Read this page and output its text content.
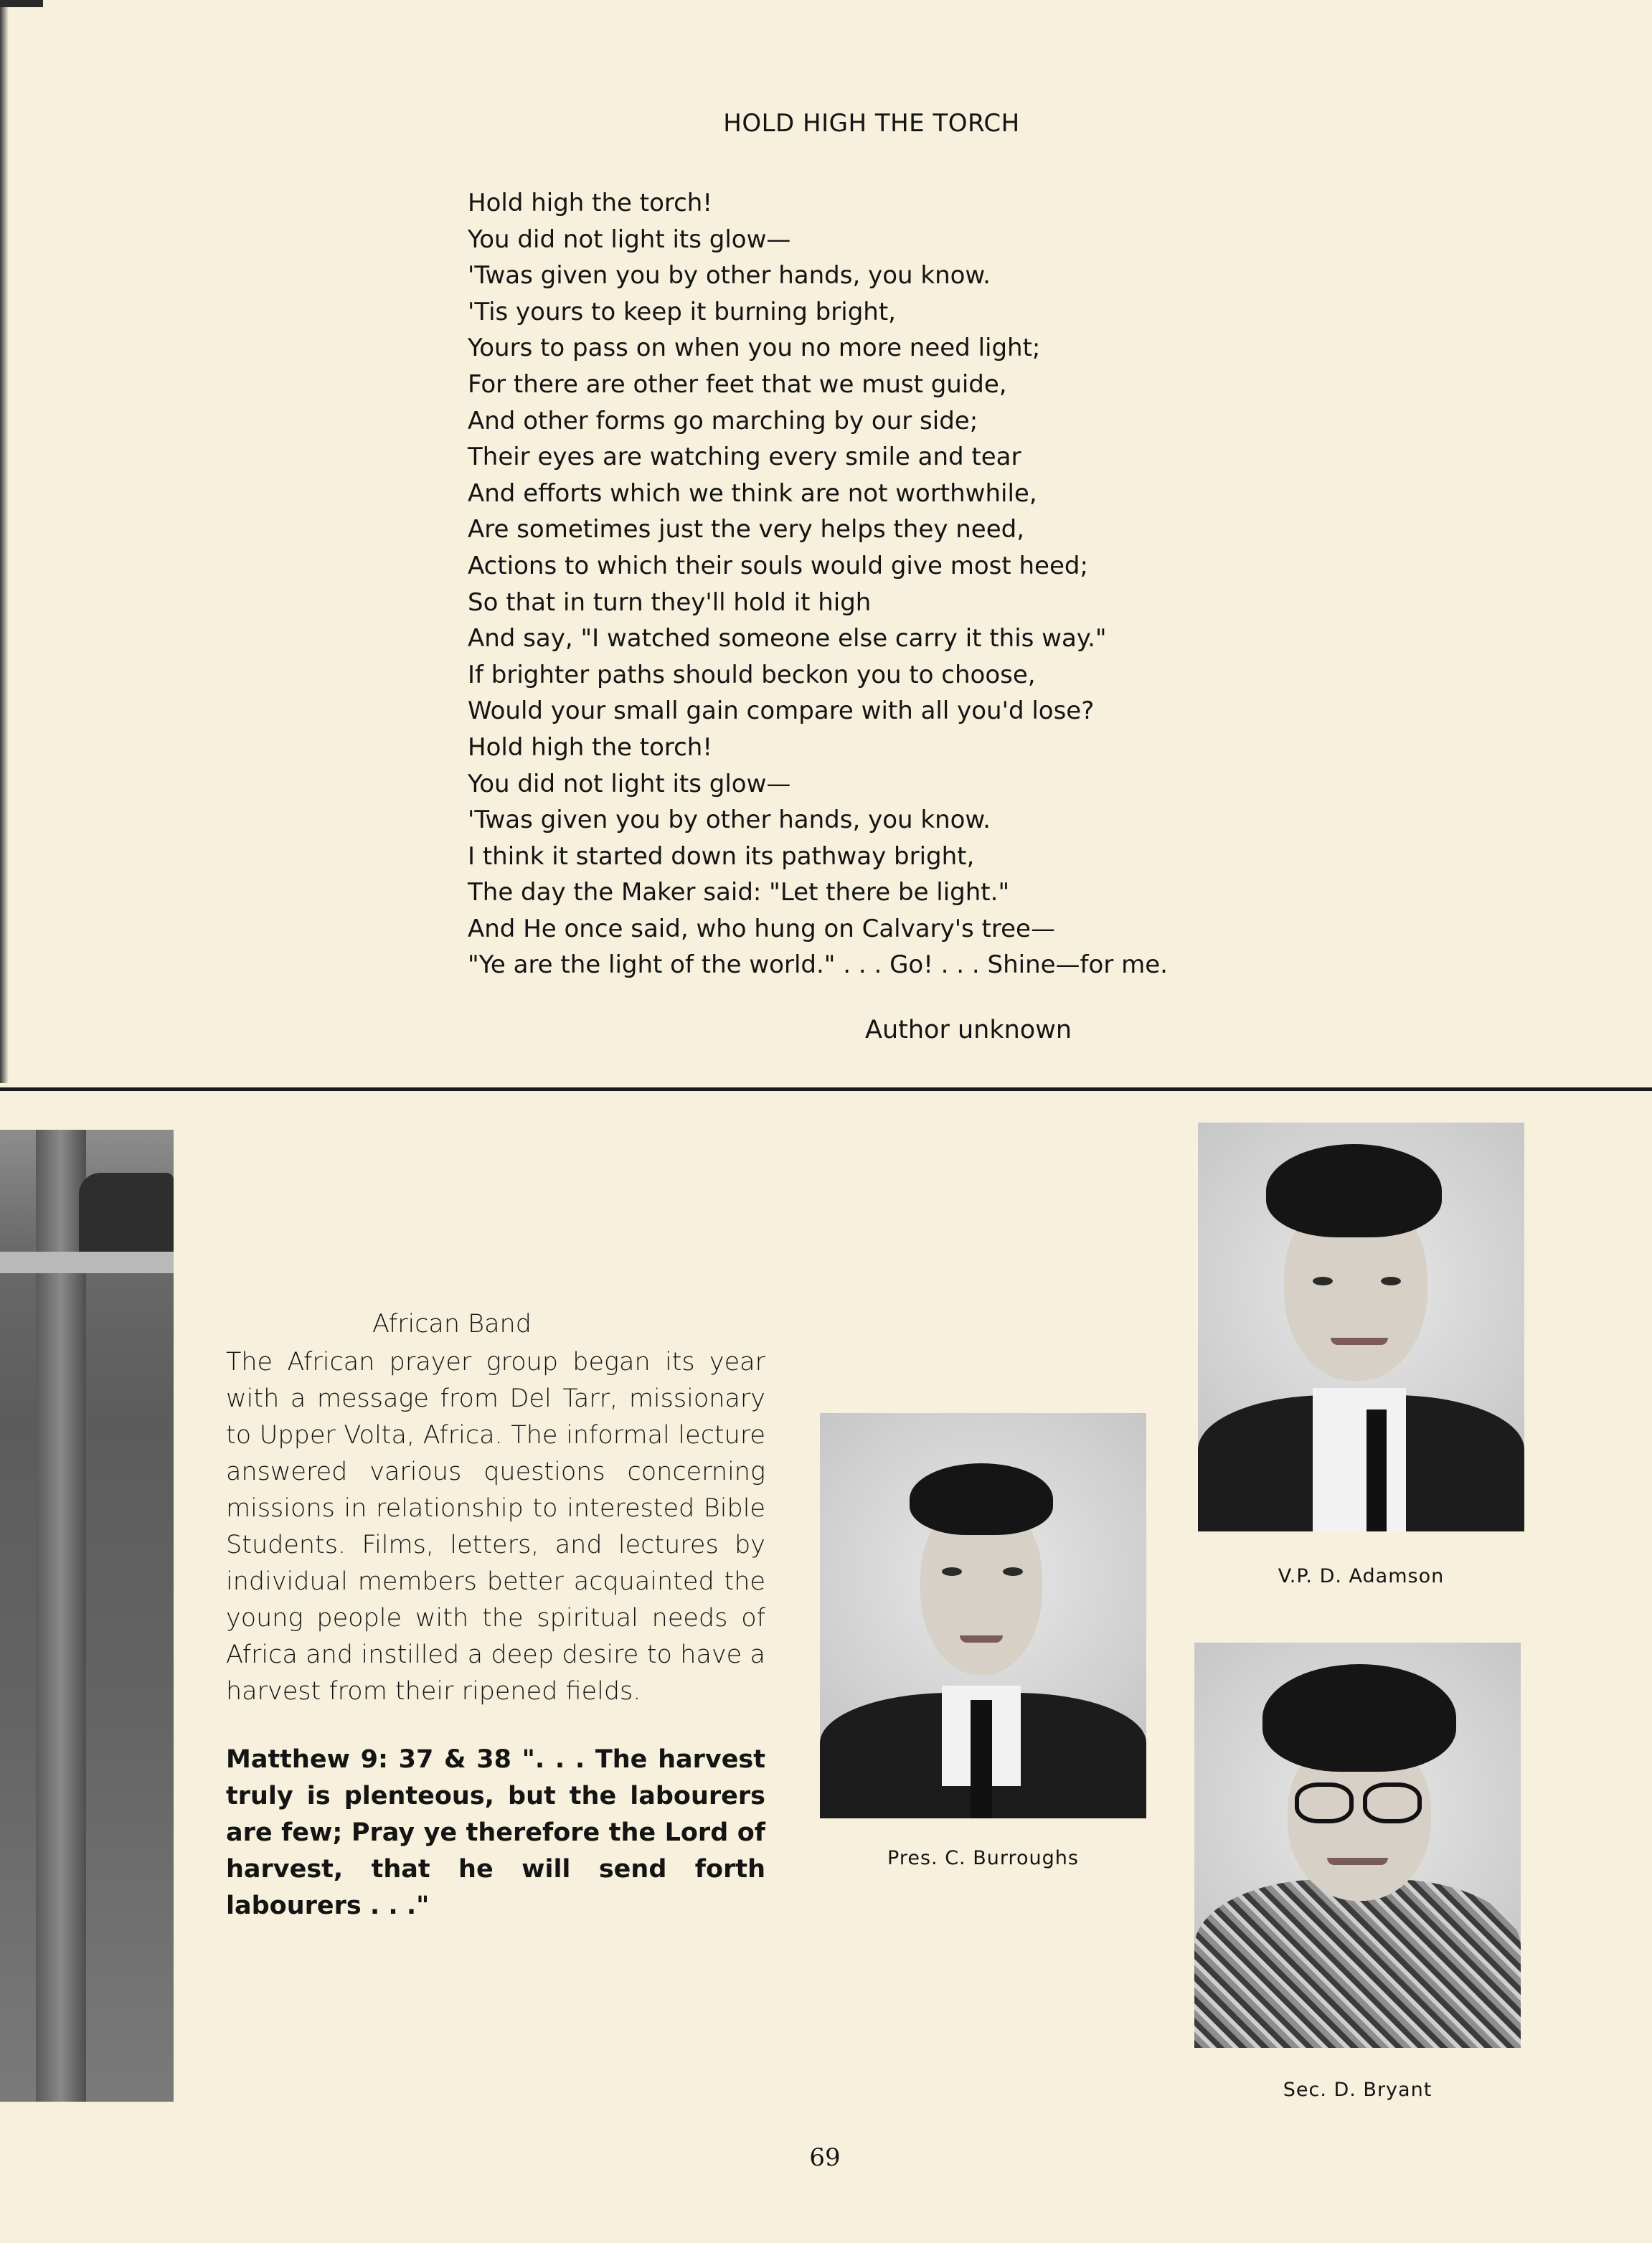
HOLD HIGH THE TORCH
Hold high the torch!
You did not light its glow—
'Twas given you by other hands, you know.
'Tis yours to keep it burning bright,
Yours to pass on when you no more need light;
For there are other feet that we must guide,
And other forms go marching by our side;
Their eyes are watching every smile and tear
And efforts which we think are not worthwhile,
Are sometimes just the very helps they need,
Actions to which their souls would give most heed;
So that in turn they'll hold it high
And say, "I watched someone else carry it this way."
If brighter paths should beckon you to choose,
Would your small gain compare with all you'd lose?
Hold high the torch!
You did not light its glow—
'Twas given you by other hands, you know.
I think it started down its pathway bright,
The day the Maker said: "Let there be light."
And He once said, who hung on Calvary's tree—
"Ye are the light of the world." . . . Go! . . . Shine—for me.
Author unknown
African Band
The African prayer group began its year with a message from Del Tarr, missionary to Upper Volta, Africa. The informal lecture answered various questions concerning missions in relationship to interested Bible Students. Films, letters, and lectures by individual members better acquainted the young people with the spiritual needs of Africa and instilled a deep desire to have a harvest from their ripened fields.
Matthew 9: 37 & 38 ". . . The harvest truly is plenteous, but the labourers are few; Pray ye therefore the Lord of harvest, that he will send forth labourers . . ."
Pres. C. Burroughs
V.P. D. Adamson
Sec. D. Bryant
69
